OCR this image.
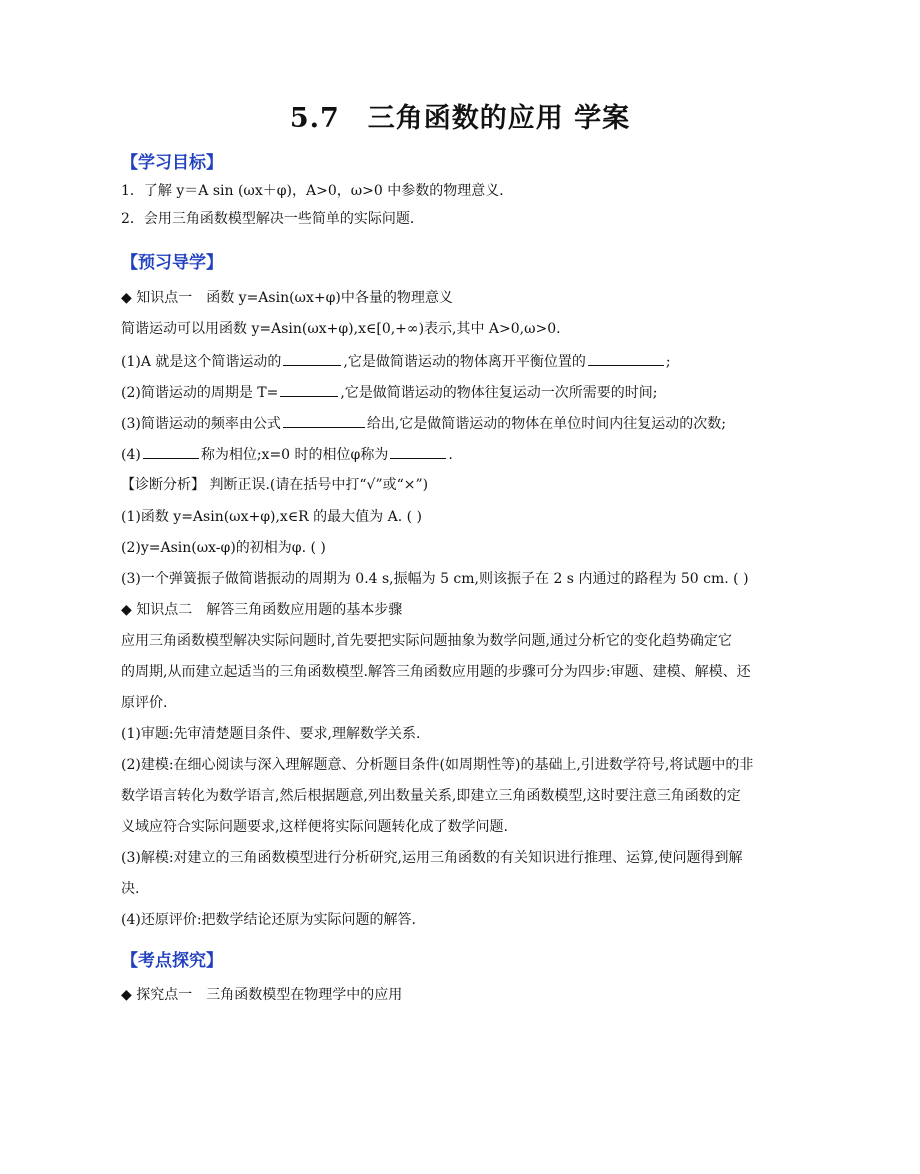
5.7　三角函数的应用 学案
【学习目标】
1．了解 y＝A sin (ωx＋φ)，A>0，ω>0 中参数的物理意义．
2．会用三角函数模型解决一些简单的实际问题．
【预习导学】
◆ 知识点一　函数 y=Asin(ωx+φ)中各量的物理意义
简谐运动可以用函数 y=Asin(ωx+φ),x∈[0,+∞)表示,其中 A>0,ω>0.
(1)A 就是这个简谐运动的	,它是做简谐运动的物体离开平衡位置的	;
(2)简谐运动的周期是 T=	,它是做简谐运动的物体往复运动一次所需要的时间;
(3)简谐运动的频率由公式	给出,它是做简谐运动的物体在单位时间内往复运动的次数;
(4)	称为相位;x=0 时的相位φ称为	.
【诊断分析】 判断正误.(请在括号中打“√”或“×”)
(1)函数 y=Asin(ωx+φ),x∈R 的最大值为 A. ( )
(2)y=Asin(ωx-φ)的初相为φ. ( )
(3)一个弹簧振子做简谐振动的周期为 0.4 s,振幅为 5 cm,则该振子在 2 s 内通过的路程为 50 cm. ( )
◆ 知识点二　解答三角函数应用题的基本步骤
应用三角函数模型解决实际问题时,首先要把实际问题抽象为数学问题,通过分析它的变化趋势确定它
的周期,从而建立起适当的三角函数模型.解答三角函数应用题的步骤可分为四步:审题、建模、解模、还
原评价.
(1)审题:先审清楚题目条件、要求,理解数学关系.
(2)建模:在细心阅读与深入理解题意、分析题目条件(如周期性等)的基础上,引进数学符号,将试题中的非
数学语言转化为数学语言,然后根据题意,列出数量关系,即建立三角函数模型,这时要注意三角函数的定
义域应符合实际问题要求,这样便将实际问题转化成了数学问题.
(3)解模:对建立的三角函数模型进行分析研究,运用三角函数的有关知识进行推理、运算,使问题得到解
决.
(4)还原评价:把数学结论还原为实际问题的解答.
【考点探究】
◆ 探究点一　三角函数模型在物理学中的应用
